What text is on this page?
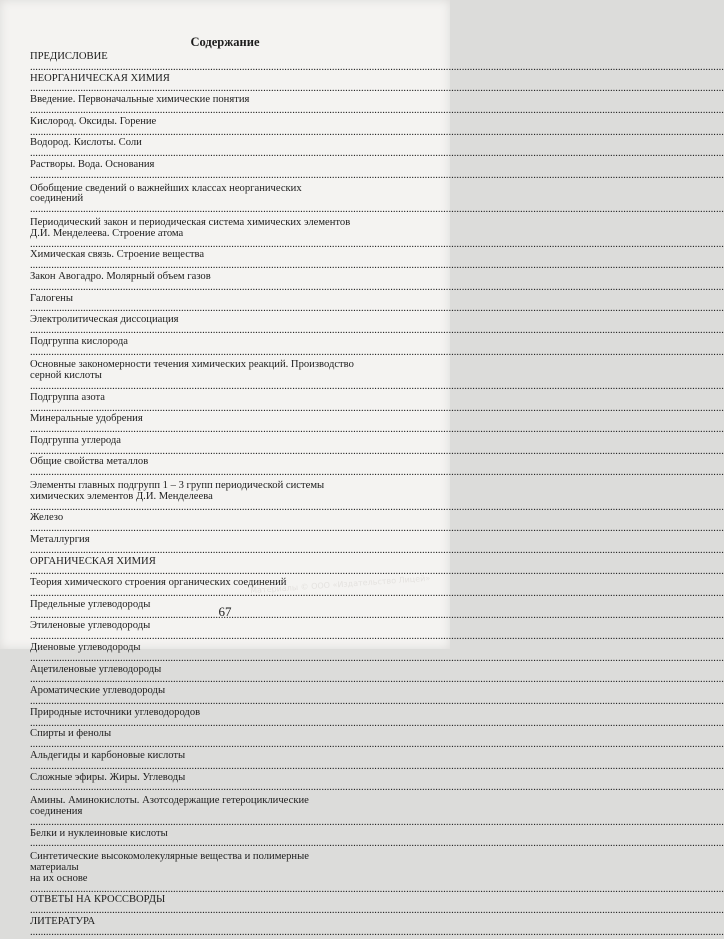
Содержание
ПРЕДИСЛОВИЕ .....
НЕОРГАНИЧЕСКАЯ ХИМИЯ .....
Введение. Первоначальные химические понятия .....
Кислород. Оксиды. Горение .....
Водород. Кислоты. Соли .....
Растворы. Вода. Основания .....
Обобщение сведений о важнейших классах неорганических
соединений .....
Периодический закон и периодическая система химических элементов
Д.И. Менделеева. Строение атома .....
Химическая связь. Строение вещества .....
Закон Авогадро. Молярный объем газов .....
Галогены .....
Электролитическая диссоциация .....
Подгруппа кислорода .....
Основные закономерности течения химических реакций. Производство
серной кислоты .....
Подгруппа азота .....
Минеральные удобрения .....
Подгруппа углерода .....
Общие свойства металлов .....
Элементы главных подгрупп 1 – 3 групп периодической системы
химических элементов Д.И. Менделеева .....
Железо .....
Металлургия .....
ОРГАНИЧЕСКАЯ ХИМИЯ .....
Теория химического строения органических соединений .....
Предельные углеводороды .....
Этиленовые углеводороды .....
Диеновые углеводороды .....
Ацетиленовые углеводороды .....
Ароматические углеводороды .....
Природные источники углеводородов .....
Спирты и фенолы .....
Альдегиды и карбоновые кислоты .....
Сложные эфиры. Жиры. Углеводы .....
Амины. Аминокислоты. Азотсодержащие гетероциклические
соединения .....
Белки и нуклеиновые кислоты .....
Синтетические высокомолекулярные вещества и полимерные материалы
на их основе .....
ОТВЕТЫ НА КРОССВОРДЫ .....
ЛИТЕРАТУРА .....
Материалы © ООО «Издательство Лицей»
67
